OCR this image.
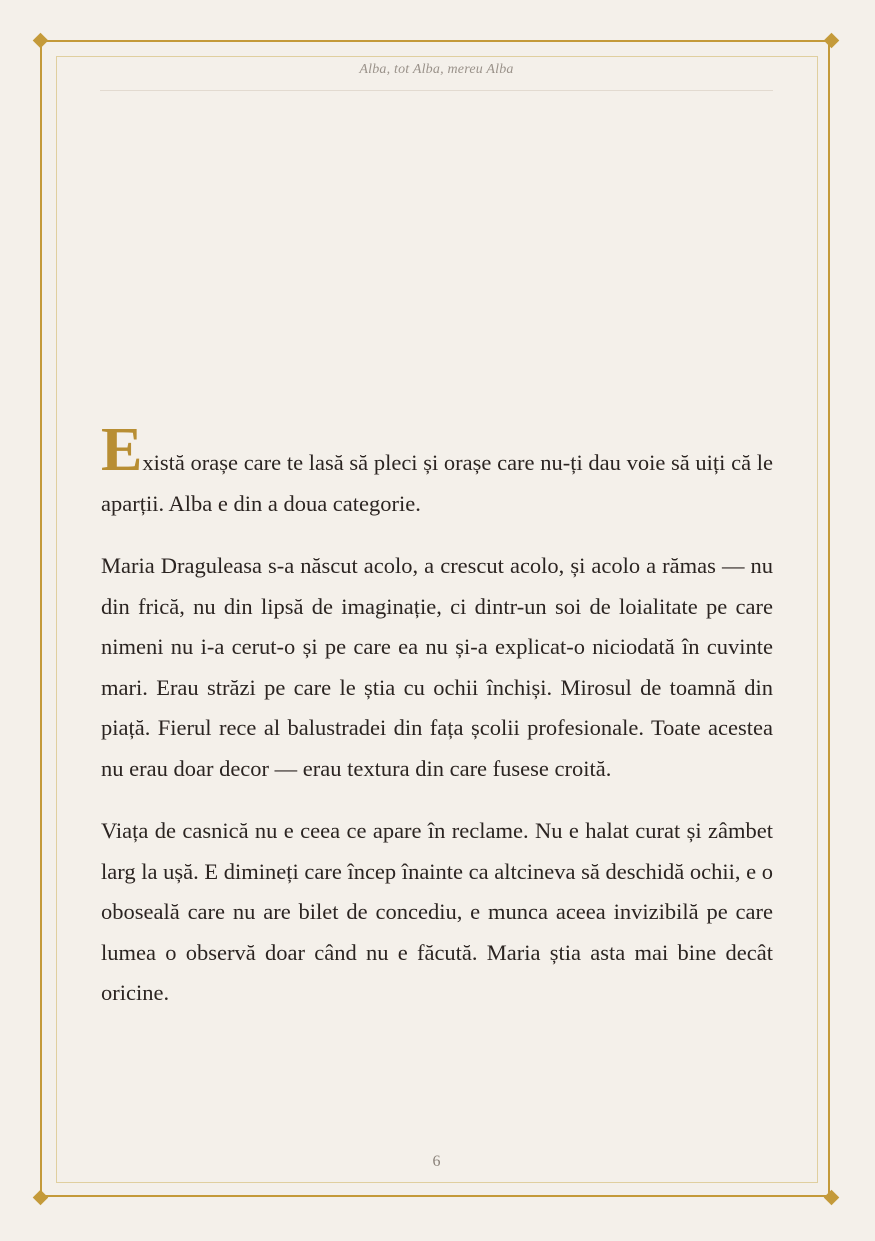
Alba, tot Alba, mereu Alba

Există orașe care te lasă să pleci și orașe care nu-ți dau voie să uiți că le aparții. Alba e din a doua categorie.

Maria Draguleasa s-a născut acolo, a crescut acolo, și acolo a rămas — nu din frică, nu din lipsă de imaginație, ci dintr-un soi de loialitate pe care nimeni nu i-a cerut-o și pe care ea nu și-a explicat-o niciodată în cuvinte mari. Erau străzi pe care le știa cu ochii închiși. Mirosul de toamnă din piață. Fierul rece al balustradei din fața școlii profesionale. Toate acestea nu erau doar decor — erau textura din care fusese croită.

Viața de casnică nu e ceea ce apare în reclame. Nu e halat curat și zâmbet larg la ușă. E dimineți care încep înainte ca altcineva să deschidă ochii, e o oboseală care nu are bilet de concediu, e munca aceea invizibilă pe care lumea o observă doar când nu e făcută. Maria știa asta mai bine decât oricine.

6
